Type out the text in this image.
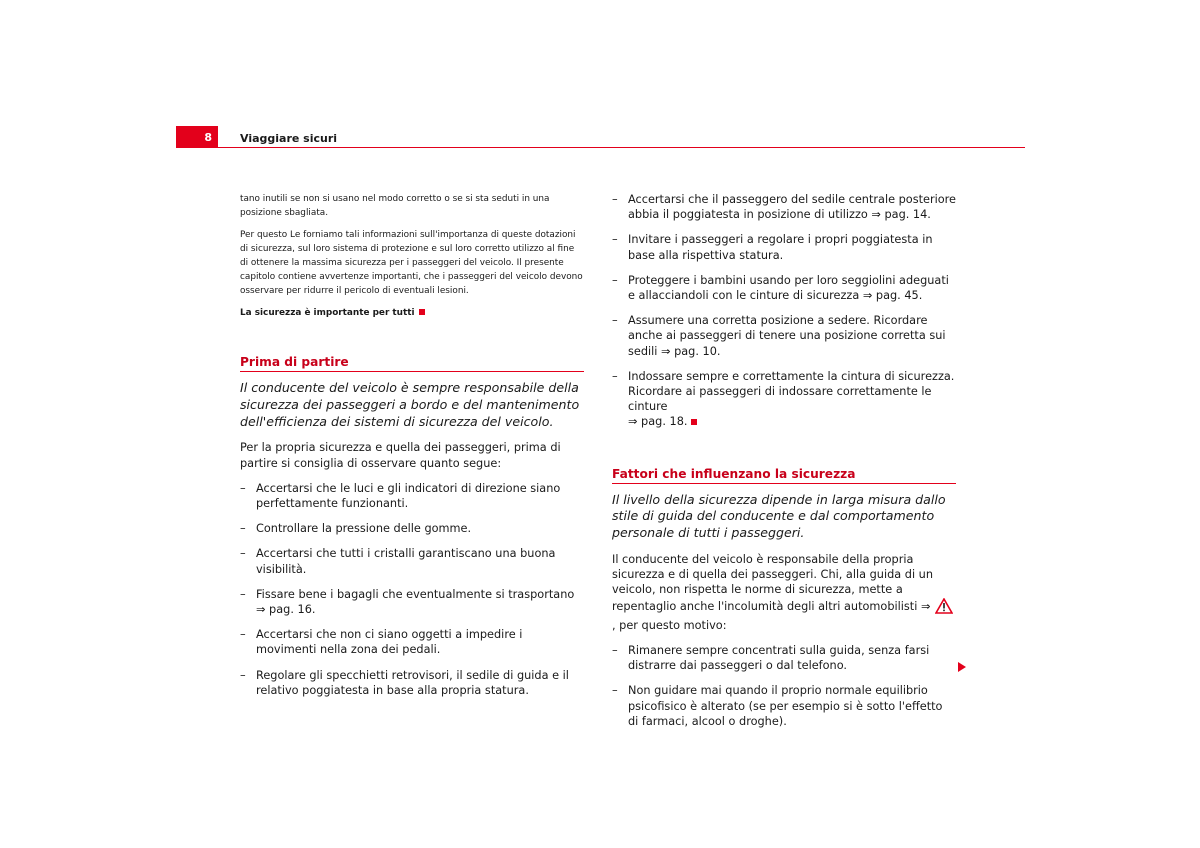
8	Viaggiare sicuri

tano inutili se non si usano nel modo corretto o se si sta seduti in una posizione sbagliata.

Per questo Le forniamo tali informazioni sull'importanza di queste dotazioni di sicurezza, sul loro sistema di protezione e sul loro corretto utilizzo al fine di ottenere la massima sicurezza per i passeggeri del veicolo. Il presente capitolo contiene avvertenze importanti, che i passeggeri del veicolo devono osservare per ridurre il pericolo di eventuali lesioni.

La sicurezza è importante per tutti

Prima di partire

Il conducente del veicolo è sempre responsabile della sicurezza dei passeggeri a bordo e del mantenimento dell'efficienza dei sistemi di sicurezza del veicolo.

Per la propria sicurezza e quella dei passeggeri, prima di partire si consiglia di osservare quanto segue:

– Accertarsi che le luci e gli indicatori di direzione siano perfettamente funzionanti.
– Controllare la pressione delle gomme.
– Accertarsi che tutti i cristalli garantiscano una buona visibilità.
– Fissare bene i bagagli che eventualmente si trasportano
⇒ pag. 16.
– Accertarsi che non ci siano oggetti a impedire i movimenti nella zona dei pedali.
– Regolare gli specchietti retrovisori, il sedile di guida e il relativo poggiatesta in base alla propria statura.
– Accertarsi che il passeggero del sedile centrale posteriore abbia il poggiatesta in posizione di utilizzo ⇒ pag. 14.
– Invitare i passeggeri a regolare i propri poggiatesta in base alla rispettiva statura.
– Proteggere i bambini usando per loro seggiolini adeguati e allacciandoli con le cinture di sicurezza ⇒ pag. 45.
– Assumere una corretta posizione a sedere. Ricordare anche ai passeggeri di tenere una posizione corretta sui sedili ⇒ pag. 10.
– Indossare sempre e correttamente la cintura di sicurezza. Ricordare ai passeggeri di indossare correttamente le cinture
⇒ pag. 18.
Fattori che influenzano la sicurezza

Il livello della sicurezza dipende in larga misura dallo stile di guida del conducente e dal comportamento personale di tutti i passeggeri.

Il conducente del veicolo è responsabile della propria sicurezza e di quella dei passeggeri. Chi, alla guida di un veicolo, non rispetta le norme di sicurezza, mette a repentaglio anche l'incolumità degli altri automobilisti ⇒ , per questo motivo:

– Rimanere sempre concentrati sulla guida, senza farsi distrarre dai passeggeri o dal telefono.
– Non guidare mai quando il proprio normale equilibrio psicofisico è alterato (se per esempio si è sotto l'effetto di farmaci, alcool o droghe).
